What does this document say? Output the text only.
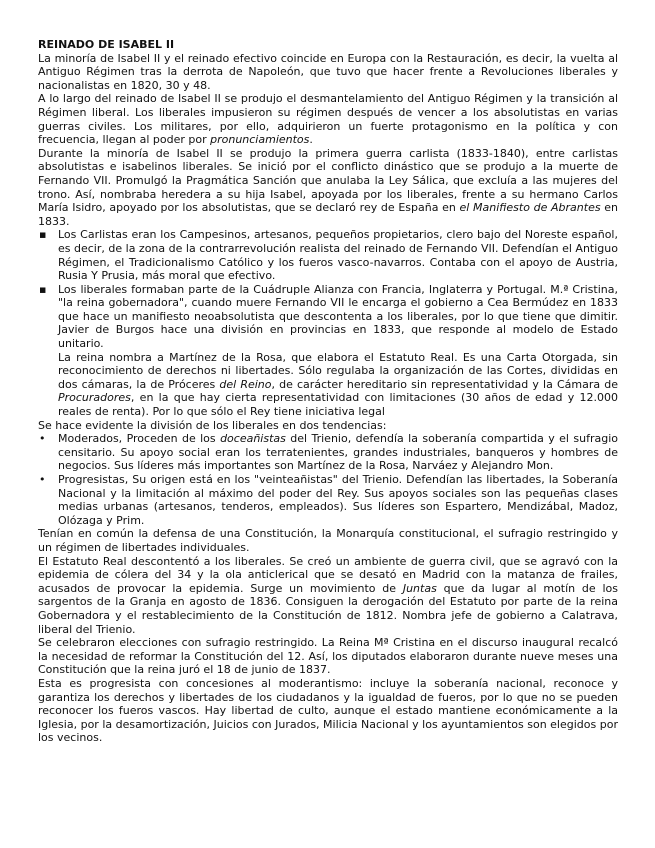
REINADO DE ISABEL II

La minoría de Isabel II y el reinado efectivo coincide en Europa con la Restauración, es decir, la vuelta al Antiguo Régimen tras la derrota de Napoleón, que tuvo que hacer frente a Revoluciones liberales y nacionalistas en 1820, 30 y 48.

A lo largo del reinado de Isabel II se produjo el desmantelamiento del Antiguo Régimen y la transición al Régimen liberal. Los liberales impusieron su régimen después de vencer a los absolutistas en varias guerras civiles. Los militares, por ello, adquirieron un fuerte protagonismo en la política y con frecuencia, llegan al poder por pronunciamientos.

Durante la minoría de Isabel II se produjo la primera guerra carlista (1833-1840), entre carlistas absolutistas e isabelinos liberales. Se inició por el conflicto dinástico que se produjo a la muerte de Fernando VII. Promulgó la Pragmática Sanción que anulaba la Ley Sálica, que excluía a las mujeres del trono. Así, nombraba heredera a su hija Isabel, apoyada por los liberales, frente a su hermano Carlos María Isidro, apoyado por los absolutistas, que se declaró rey de España en el Manifiesto de Abrantes en 1833.

▪
Los Carlistas eran los Campesinos, artesanos, pequeños propietarios, clero bajo del Noreste español, es decir, de la zona de la contrarrevolución realista del reinado de Fernando VII. Defendían el Antiguo Régimen, el Tradicionalismo Católico y los fueros vasco-navarros. Contaba con el apoyo de Austria, Rusia Y Prusia, más moral que efectivo.
▪
Los liberales formaban parte de la Cuádruple Alianza con Francia, Inglaterra y Portugal. M.ª Cristina, "la reina gobernadora", cuando muere Fernando VII le encarga el gobierno a Cea Bermúdez en 1833 que hace un manifiesto neoabsolutista que descontenta a los liberales, por lo que tiene que dimitir. Javier de Burgos hace una división en provincias en 1833, que responde al modelo de Estado unitario.
La reina nombra a Martínez de la Rosa, que elabora el Estatuto Real. Es una Carta Otorgada, sin reconocimiento de derechos ni libertades. Sólo regulaba la organización de las Cortes, divididas en dos cámaras, la de Próceres del Reino, de carácter hereditario sin representatividad y la Cámara de Procuradores, en la que hay cierta representatividad con limitaciones (30 años de edad y 12.000 reales de renta). Por lo que sólo el Rey tiene iniciativa legal

Se hace evidente la división de los liberales en dos tendencias:

•
Moderados, Proceden de los doceañistas del Trienio, defendía la soberanía compartida y el sufragio censitario. Su apoyo social eran los terratenientes, grandes industriales, banqueros y hombres de negocios. Sus líderes más importantes son Martínez de la Rosa, Narváez y Alejandro Mon.
•
Progresistas, Su origen está en los "veinteañistas" del Trienio. Defendían las libertades, la Soberanía Nacional y la limitación al máximo del poder del Rey. Sus apoyos sociales son las pequeñas clases medias urbanas (artesanos, tenderos, empleados). Sus líderes son Espartero, Mendizábal, Madoz, Olózaga y Prim.

Tenían en común la defensa de una Constitución, la Monarquía constitucional, el sufragio restringido y un régimen de libertades individuales.

El Estatuto Real descontentó a los liberales. Se creó un ambiente de guerra civil, que se agravó con la epidemia de cólera del 34 y la ola anticlerical que se desató en Madrid con la matanza de frailes, acusados de provocar la epidemia. Surge un movimiento de Juntas que da lugar al motín de los sargentos de la Granja en agosto de 1836. Consiguen la derogación del Estatuto por parte de la reina Gobernadora y el restablecimiento de la Constitución de 1812. Nombra jefe de gobierno a Calatrava, liberal del Trienio.

Se celebraron elecciones con sufragio restringido. La Reina Mª Cristina en el discurso inaugural recalcó la necesidad de reformar la Constitución del 12. Así, los diputados elaboraron durante nueve meses una Constitución que la reina juró el 18 de junio de 1837.

Esta es progresista con concesiones al moderantismo: incluye la soberanía nacional, reconoce y garantiza los derechos y libertades de los ciudadanos y la igualdad de fueros, por lo que no se pueden reconocer los fueros vascos. Hay libertad de culto, aunque el estado mantiene económicamente a la Iglesia, por la desamortización, Juicios con Jurados, Milicia Nacional y los ayuntamientos son elegidos por los vecinos.
